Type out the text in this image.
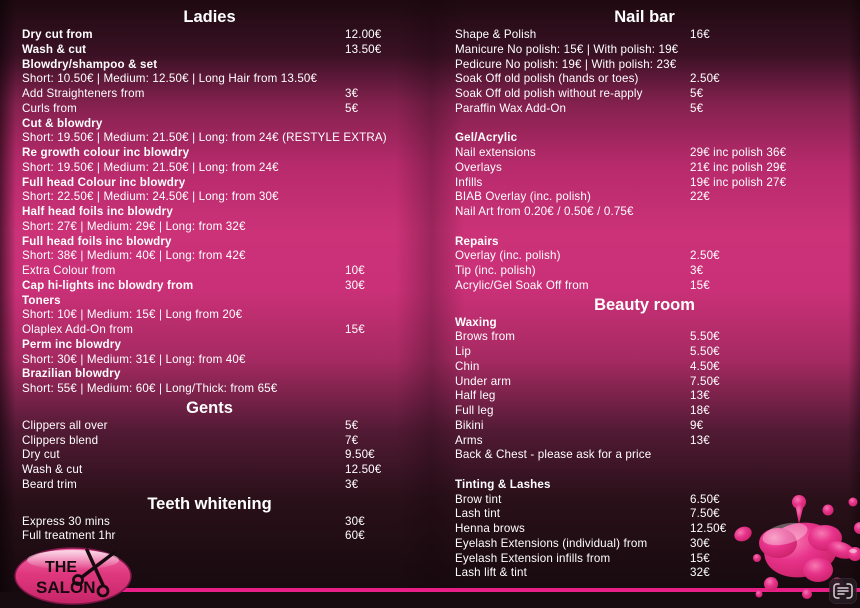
Ladies
Dry cut from	12.00€
Wash & cut	13.50€
Blowdry/shampoo & set
Short: 10.50€ | Medium: 12.50€ | Long Hair from 13.50€
Add Straighteners from	3€
Curls from	5€
Cut & blowdry
Short: 19.50€ | Medium: 21.50€ | Long: from 24€ (RESTYLE EXTRA)
Re growth colour inc blowdry
Short: 19.50€ | Medium: 21.50€ | Long: from 24€
Full head Colour inc blowdry
Short: 22.50€ | Medium: 24.50€ | Long: from 30€
Half head foils inc blowdry
Short: 27€ | Medium: 29€ | Long: from 32€
Full head foils inc blowdry
Short: 38€ | Medium: 40€ | Long: from 42€
Extra Colour from	10€
Cap hi-lights inc blowdry from	30€
Toners
Short: 10€ | Medium: 15€ | Long from 20€
Olaplex Add-On from	15€
Perm inc blowdry
Short: 30€ | Medium: 31€ | Long: from 40€
Brazilian blowdry
Short: 55€ | Medium: 60€ | Long/Thick: from 65€
Gents
Clippers all over	5€
Clippers blend	7€
Dry cut	9.50€
Wash & cut	12.50€
Beard trim	3€
Teeth whitening
Express 30 mins	30€
Full treatment 1hr	60€
Nail bar
Shape & Polish	16€
Manicure No polish: 15€ | With polish: 19€
Pedicure No polish: 19€ | With polish: 23€
Soak Off old polish (hands or toes)	2.50€
Soak Off old polish without re-apply	5€
Paraffin Wax Add-On	5€
Gel/Acrylic
Nail extensions	29€ inc polish 36€
Overlays	21€ inc polish 29€
Infills	19€ inc polish 27€
BIAB Overlay (inc. polish)	22€
Nail Art from 0.20€ / 0.50€ / 0.75€
Repairs
Overlay (inc. polish)	2.50€
Tip (inc. polish)	3€
Acrylic/Gel Soak Off from	15€
Beauty room
Waxing
Brows from	5.50€
Lip	5.50€
Chin	4.50€
Under arm	7.50€
Half leg	13€
Full leg	18€
Bikini	9€
Arms	13€
Back & Chest - please ask for a price
Tinting & Lashes
Brow tint	6.50€
Lash tint	7.50€
Henna brows	12.50€
Eyelash Extensions (individual) from	30€
Eyelash Extension infills from	15€
Lash lift & tint	32€
THE
SALON
